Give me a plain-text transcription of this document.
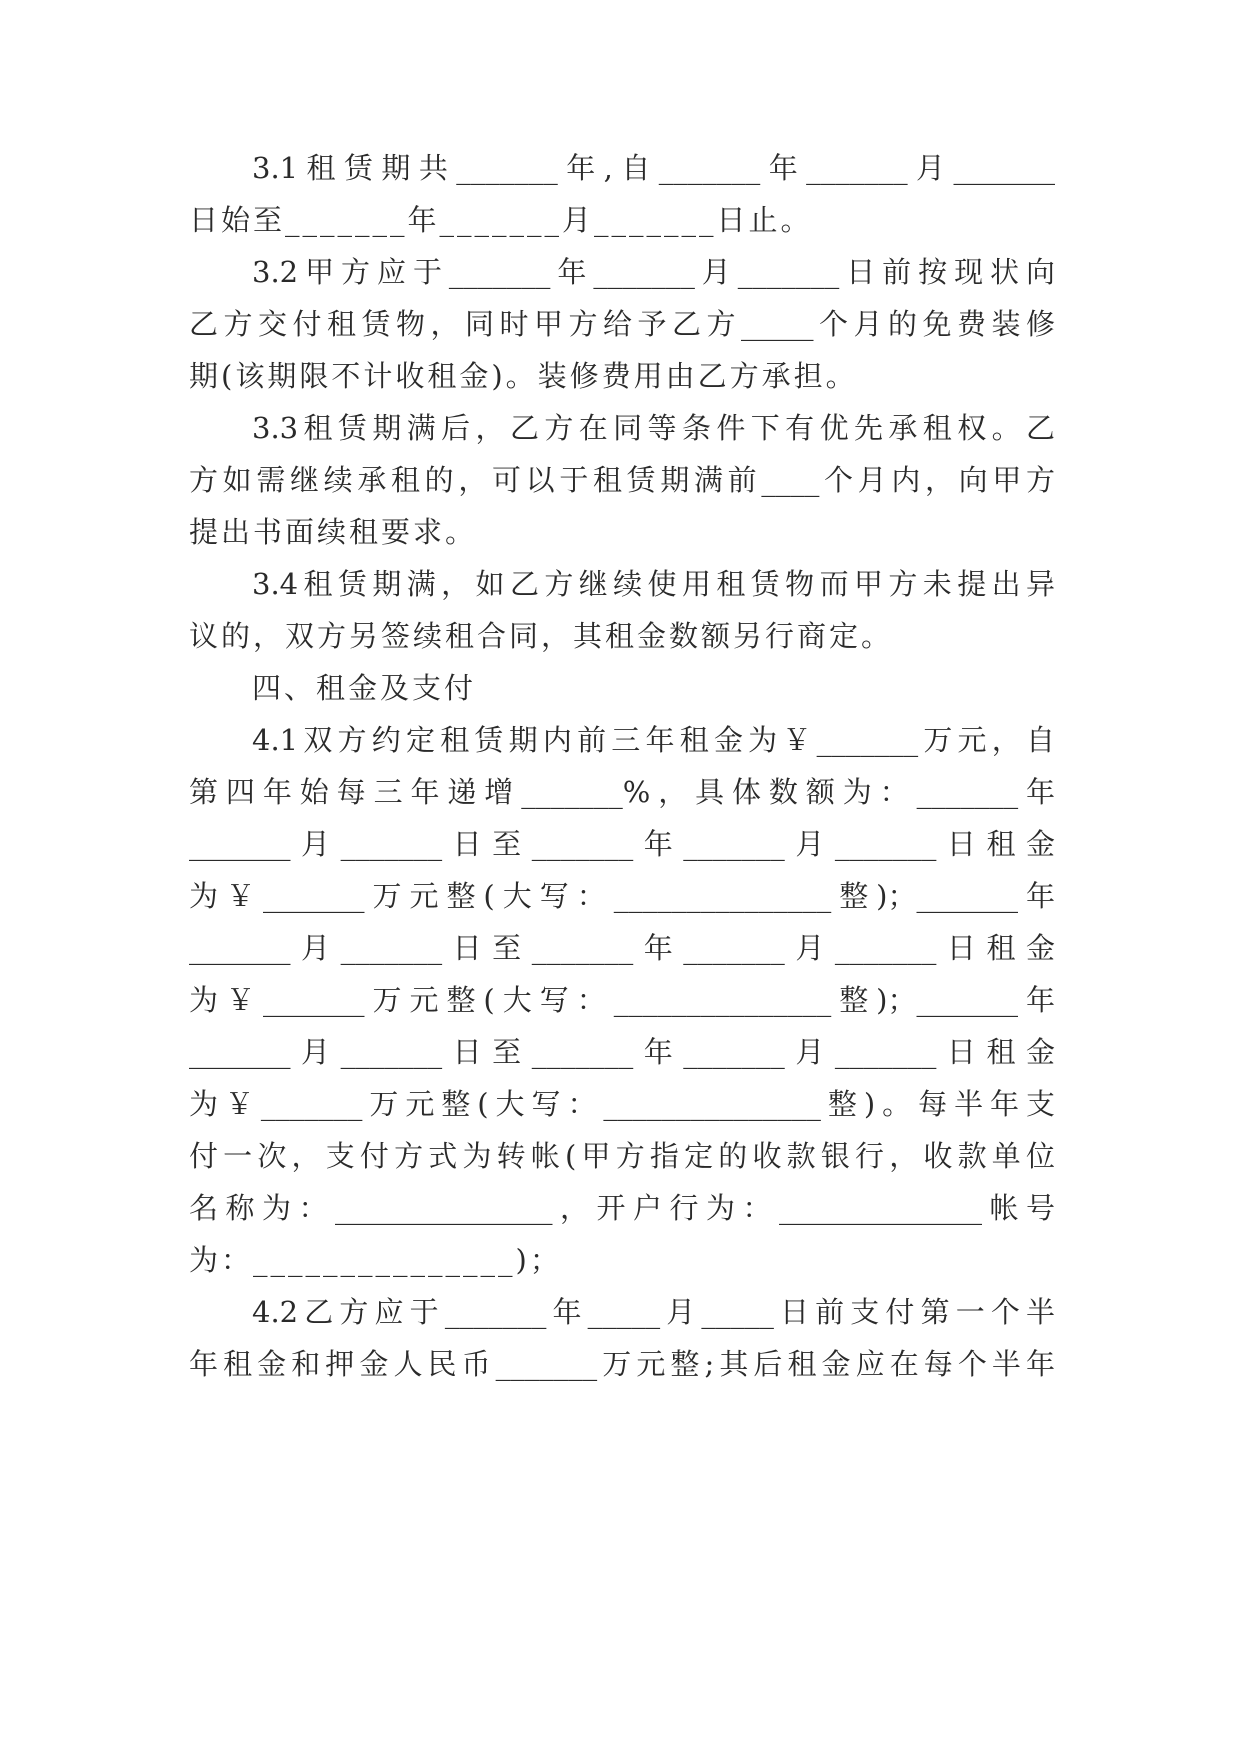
3.1租赁期共_______年,自_______年_______月_______
日始至_______年_______月_______日止。
3.2甲方应于_______年_______月_______日前按现状向
乙方交付租赁物，同时甲方给予乙方_____个月的免费装修
期(该期限不计收租金)。装修费用由乙方承担。
3.3租赁期满后，乙方在同等条件下有优先承租权。乙
方如需继续承租的，可以于租赁期满前____个月内，向甲方
提出书面续租要求。
3.4租赁期满，如乙方继续使用租赁物而甲方未提出异
议的，双方另签续租合同，其租金数额另行商定。
四、租金及支付
4.1双方约定租赁期内前三年租金为￥_______万元，自
第四年始每三年递增_______%，具体数额为：_______年
_______月_______日至_______年_______月_______日租金
为￥_______万元整(大写：_______________整)；_______年
_______月_______日至_______年_______月_______日租金
为￥_______万元整(大写：_______________整)；_______年
_______月_______日至_______年_______月_______日租金
为￥_______万元整(大写：_______________整)。每半年支
付一次，支付方式为转帐(甲方指定的收款银行，收款单位
名称为：_______________，开户行为：______________帐号
为：_______________)；
4.2乙方应于_______年_____月_____日前支付第一个半
年租金和押金人民币_______万元整;其后租金应在每个半年
